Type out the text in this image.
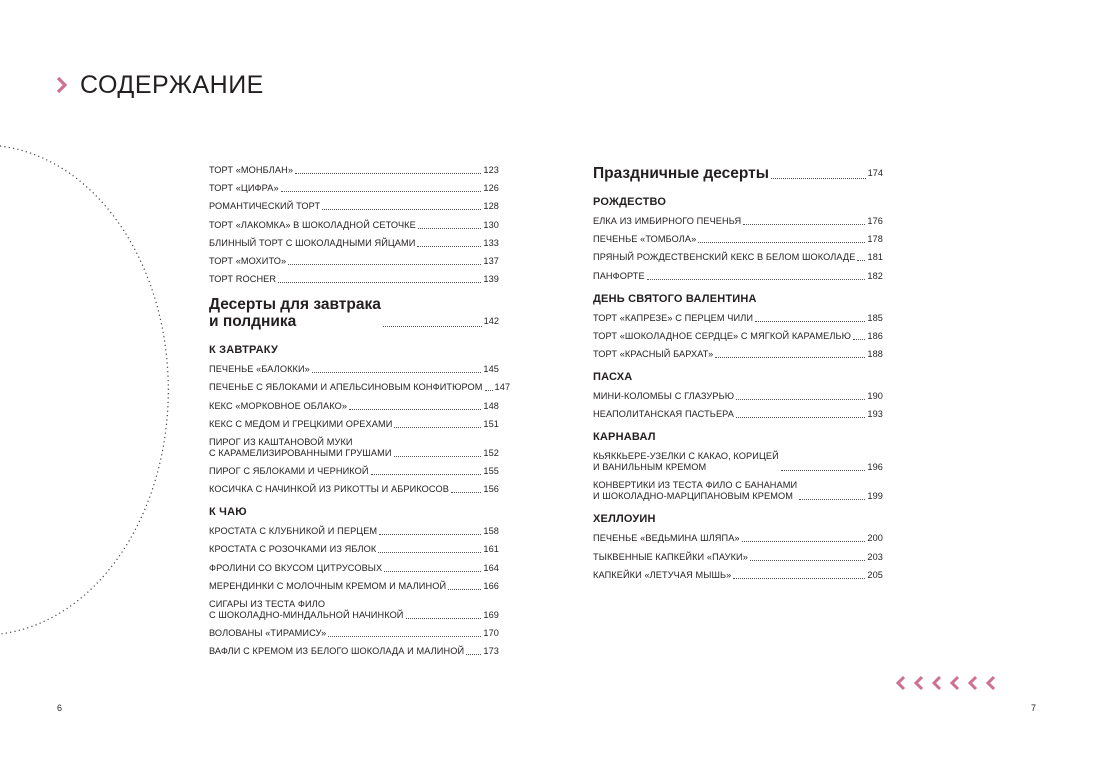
СОДЕРЖАНИЕ
ТОРТ «МОНБЛАН»	123
ТОРТ «ЦИФРА»	126
РОМАНТИЧЕСКИЙ ТОРТ	128
ТОРТ «ЛАКОМКА» В ШОКОЛАДНОЙ СЕТОЧКЕ	130
БЛИННЫЙ ТОРТ С ШОКОЛАДНЫМИ ЯЙЦАМИ	133
ТОРТ «МОХИТО»	137
ТОРТ ROCHER	139
Десерты для завтрака
и полдника	142
К ЗАВТРАКУ
ПЕЧЕНЬЕ «БАЛОККИ»	145
ПЕЧЕНЬЕ С ЯБЛОКАМИ И АПЕЛЬСИНОВЫМ КОНФИТЮРОМ 147
КЕКС «МОРКОВНОЕ ОБЛАКО»	148
КЕКС С МЕДОМ И ГРЕЦКИМИ ОРЕХАМИ	151
ПИРОГ ИЗ КАШТАНОВОЙ МУКИ
С КАРАМЕЛИЗИРОВАННЫМИ ГРУШАМИ	152
ПИРОГ С ЯБЛОКАМИ И ЧЕРНИКОЙ	155
КОСИЧКА С НАЧИНКОЙ ИЗ РИКОТТЫ И АБРИКОСОВ	156
К ЧАЮ
КРОСТАТА С КЛУБНИКОЙ И ПЕРЦЕМ	158
КРОСТАТА С РОЗОЧКАМИ ИЗ ЯБЛОК	161
ФРОЛИНИ СО ВКУСОМ ЦИТРУСОВЫХ	164
МЕРЕНДИНКИ С МОЛОЧНЫМ КРЕМОМ И МАЛИНОЙ	166
СИГАРЫ ИЗ ТЕСТА ФИЛО
С ШОКОЛАДНО-МИНДАЛЬНОЙ НАЧИНКОЙ	169
ВОЛОВАНЫ «ТИРАМИСУ»	170
ВАФЛИ С КРЕМОМ ИЗ БЕЛОГО ШОКОЛАДА И МАЛИНОЙ 173
Праздничные десерты	174
РОЖДЕСТВО
ЕЛКА ИЗ ИМБИРНОГО ПЕЧЕНЬЯ	176
ПЕЧЕНЬЕ «ТОМБОЛА»	178
ПРЯНЫЙ РОЖДЕСТВЕНСКИЙ КЕКС В БЕЛОМ ШОКОЛАДЕ 181
ПАНФОРТЕ	182
ДЕНЬ СВЯТОГО ВАЛЕНТИНА
ТОРТ «КАПРЕЗЕ» С ПЕРЦЕМ ЧИЛИ	185
ТОРТ «ШОКОЛАДНОЕ СЕРДЦЕ» С МЯГКОЙ КАРАМЕЛЬЮ 186
ТОРТ «КРАСНЫЙ БАРХАТ»	188
ПАСХА
МИНИ-КОЛОМБЫ С ГЛАЗУРЬЮ	190
НЕАПОЛИТАНСКАЯ ПАСТЬЕРА	193
КАРНАВАЛ
КЬЯККЬЕРЕ-УЗЕЛКИ С КАКАО, КОРИЦЕЙ
И ВАНИЛЬНЫМ КРЕМОМ	196
КОНВЕРТИКИ ИЗ ТЕСТА ФИЛО С БАНАНАМИ
И ШОКОЛАДНО-МАРЦИПАНОВЫМ КРЕМОМ	199
ХЕЛЛОУИН
ПЕЧЕНЬЕ «ВЕДЬМИНА ШЛЯПА»	200
ТЫКВЕННЫЕ КАПКЕЙКИ «ПАУКИ»	203
КАПКЕЙКИ «ЛЕТУЧАЯ МЫШЬ»	205
6	7
